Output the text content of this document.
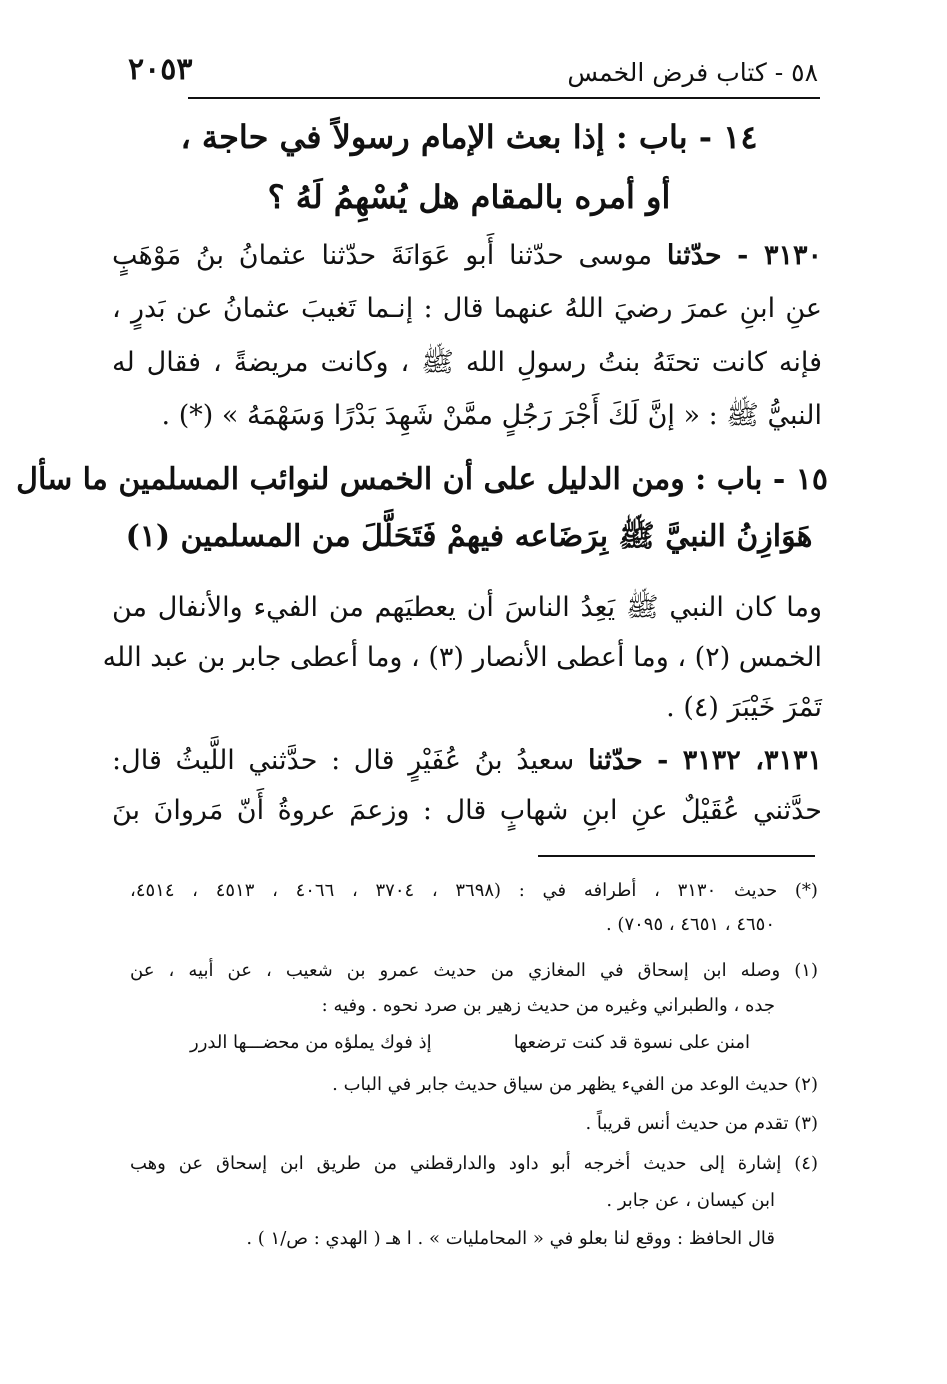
٥٨ - كتاب فرض الخمس
٢٠٥٣
١٤ - باب : إذا بعث الإمام رسولاً في حاجة ،
أو أمره بالمقام هل يُسْهِمُ لَهُ ؟
٣١٣٠ - حدّثنا موسى حدّثنا أَبو عَوَانَةَ حدّثنا عثمانُ بنُ مَوْهَبٍ
عنِ ابنِ عمرَ رضيَ اللهُ عنهما قال : إنـما تَغيبَ عثمانُ عن بَدرٍ ،
فإنه كانت تحتَهُ بنتُ رسولِ الله ﷺ ، وكانت مريضةً ، فقال له
النبيُّ ﷺ : « إنَّ لَكَ أَجْرَ رَجُلٍ ممَّنْ شَهِدَ بَدْرًا وَسَهْمَهُ » (*) .
١٥ - باب : ومن الدليل على أن الخمس لنوائب المسلمين ما سأل
هَوَازِنُ النبيَّ ﷺ بِرَضَاعه فيهمْ فَتَحَلَّلَ من المسلمين (١)
وما كان النبي ﷺ يَعِدُ الناسَ أن يعطيَهم من الفيء والأنفال من
الخمس (٢) ، وما أعطى الأنصار (٣) ، وما أعطى جابر بن عبد الله
تَمْرَ خَيْبَرَ (٤) .
٣١٣١، ٣١٣٢ - حدّثنا سعيدُ بنُ عُفَيْرٍ قال : حدَّثني اللَّيثُ قال:
حدَّثني عُقَيْلٌ عنِ ابنِ شهابٍ قال : وزعمَ عروةُ أَنّ مَروانَ بنَ
(*) حديث ٣١٣٠ ، أطرافه في : (٣٦٩٨ ، ٣٧٠٤ ، ٤٠٦٦ ، ٤٥١٣ ، ٤٥١٤،
٤٦٥٠ ، ٤٦٥١ ، ٧٠٩٥) .
(١) وصله ابن إسحاق في المغازي من حديث عمرو بن شعيب ، عن أبيه ، عن
جده ، والطبراني وغيره من حديث زهير بن صرد نحوه . وفيه :
امنن على نسوة قد كنت ترضعها
إذ فوك يملؤه من محضـــها الدرر
(٢) حديث الوعد من الفيء يظهر من سياق حديث جابر في الباب .
(٣) تقدم من حديث أنس قريباً .
(٤) إشارة إلى حديث أخرجه أبو داود والدارقطني من طريق ابن إسحاق عن وهب
ابن كيسان ، عن جابر .
قال الحافظ : ووقع لنا بعلو في « المحامليات » . ا هـ ( الهدي : ص/١ ) .
